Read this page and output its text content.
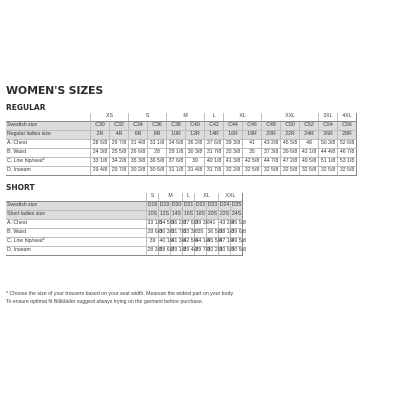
WOMEN'S SIZES
REGULAR
	XS		S		M		L	XL		XXL			3XL	4XL
Swedish size	C30	C32	C34	C36	C38	C40	C42	C44	C46	C48	C50	C52	C54	C56
Regular ladies size	2R	4R	6R	8R	10R	12R	14R	16R	18R	20R	22R	24R	26R	28R
A. Chest	28 6/8	29 7/8	31 4/8	33 1/8	34 5/8	36 2/8	37 6/8	39 3/8	41	43 2/8	45 5/8	48	50 3/8	52 6/8
B. Waist	24 3/8	25 5/8	26 6/8	28	29 1/8	30 3/8	31 7/8	33 3/8	35	37 3/8	39 6/8	42 1/8	44 4/8	46 7/8
C. Low hip/seat*	33 1/8	34 2/8	35 3/8	36 5/8	37 6/8	39	40 1/8	41 3/8	42 5/8	44 7/8	47 2/8	49 5/8	51 1/8	53 1/8
D. Inseam	29 4/8	29 7/8	30 2/8	30 5/8	31 1/8	31 4/8	31 7/8	32 2/8	32 5/8	32 5/8	32 5/8	32 5/8	32 5/8	32 5/8
SHORT
	S	M		L	XL		XXL	
Swedish size	D18	D19	D20	D21	D22	D23	D24	D25
Short ladies size	10S	12S	14S	16S	18S	20S	22S	24S
A. Chest	33 1/8	34 5/8	36 2/8	37 6/8	39 3/8	41	43 2/8	45 5/8
B. Waist	28 6/8	30 3/8	31 7/8	33 3/8	35	36 5/8	38 1/8	39 6/8
C. Low hip/seat*	39	40 1/8	41 3/8	42 5/8	44 1/8	45 5/8	47 1/8	49 5/8
D. Inseam	28 3/8	28 6/8	29 1/8	29 4/8	29 7/8	30 2/8	30 5/8	30 5/8
* Choose the size of your trousers based on your seat width. Measure the widest part on your body.
To ensure optimal fit Blåkläder suggest always trying on the garment before purchase.
